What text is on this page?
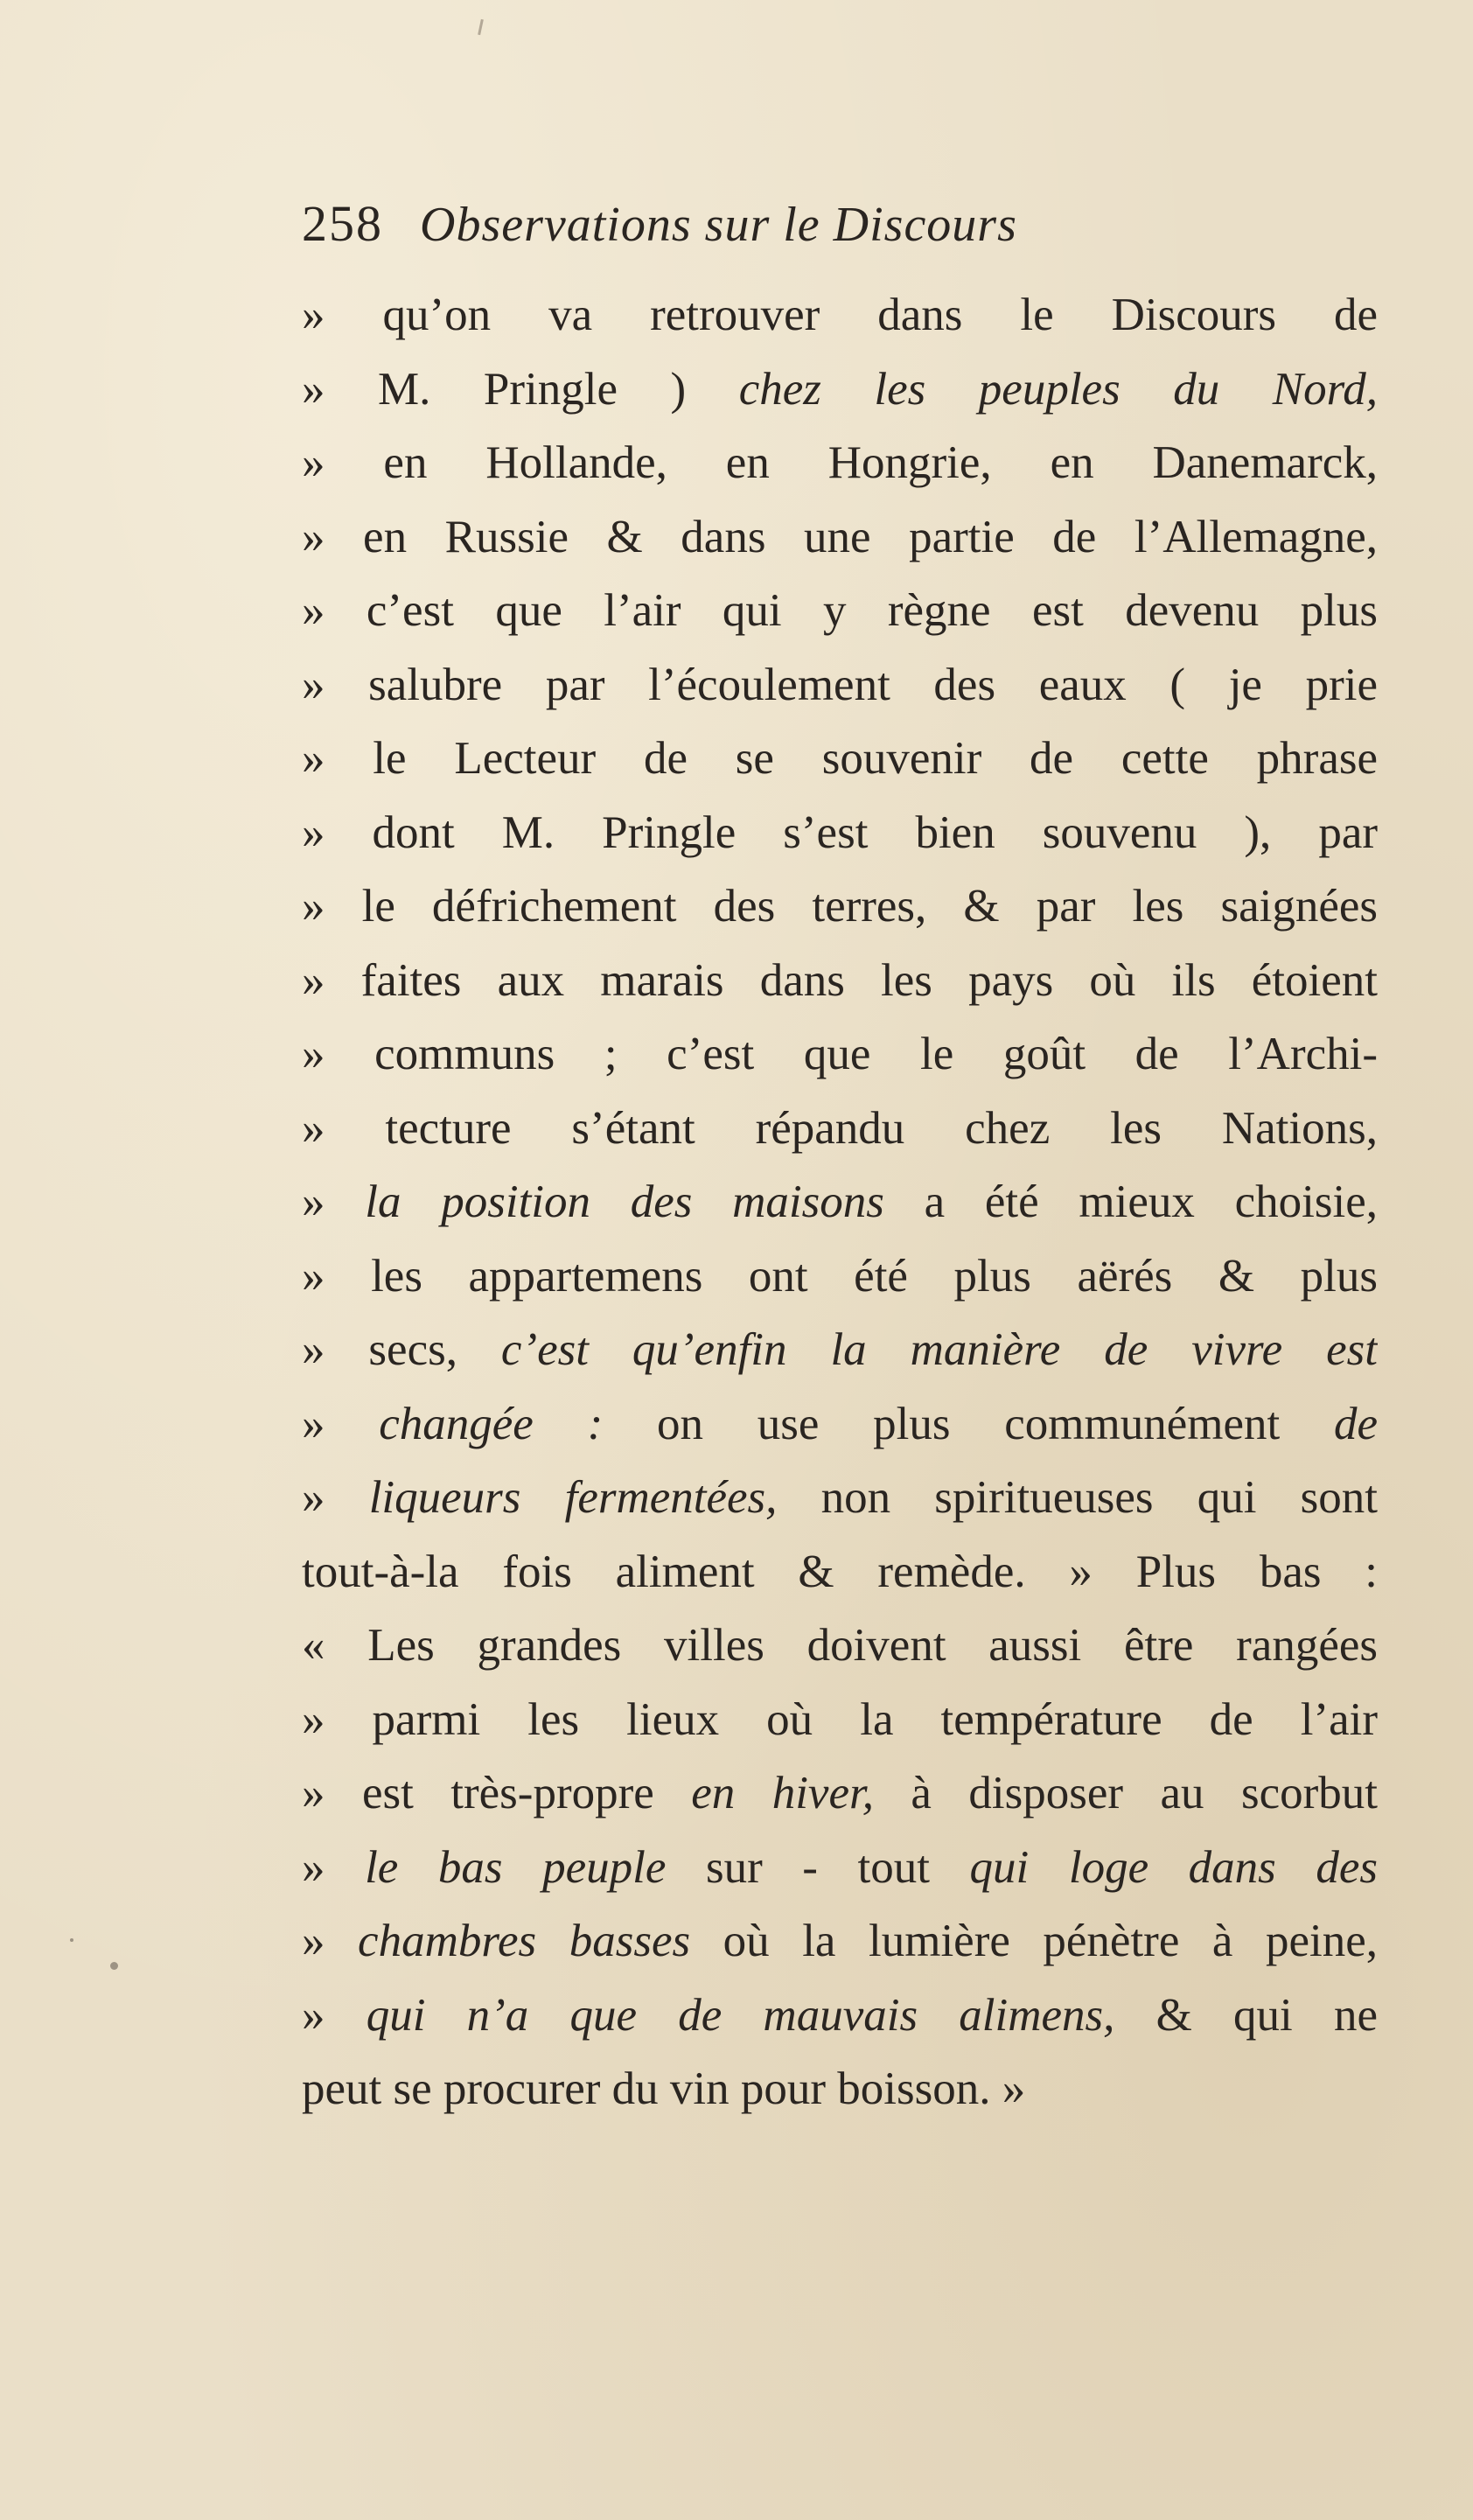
258 Observations sur le Discours
» qu’on va retrouver dans le Discours de
» M. Pringle ) chez les peuples du Nord,
» en Hollande, en Hongrie, en Danemarck,
» en Russie & dans une partie de l’Allemagne,
» c’est que l’air qui y règne est devenu plus
» salubre par l’écoulement des eaux ( je prie
» le Lecteur de se souvenir de cette phrase
» dont M. Pringle s’est bien souvenu ), par
» le défrichement des terres, & par les saignées
» faites aux marais dans les pays où ils étoient
» communs ; c’est que le goût de l’Archi-
» tecture s’étant répandu chez les Nations,
» la position des maisons a été mieux choisie,
» les appartemens ont été plus aërés & plus
» secs, c’est qu’enfin la manière de vivre est
» changée : on use plus communément de
» liqueurs fermentées, non spiritueuses qui sont
tout-à-la fois aliment & remède. » Plus bas :
« Les grandes villes doivent aussi être rangées
» parmi les lieux où la température de l’air
» est très-propre en hiver, à disposer au scorbut
» le bas peuple sur - tout qui loge dans des
» chambres basses où la lumière pénètre à peine,
» qui n’a que de mauvais alimens, & qui ne
peut se procurer du vin pour boisson. »
